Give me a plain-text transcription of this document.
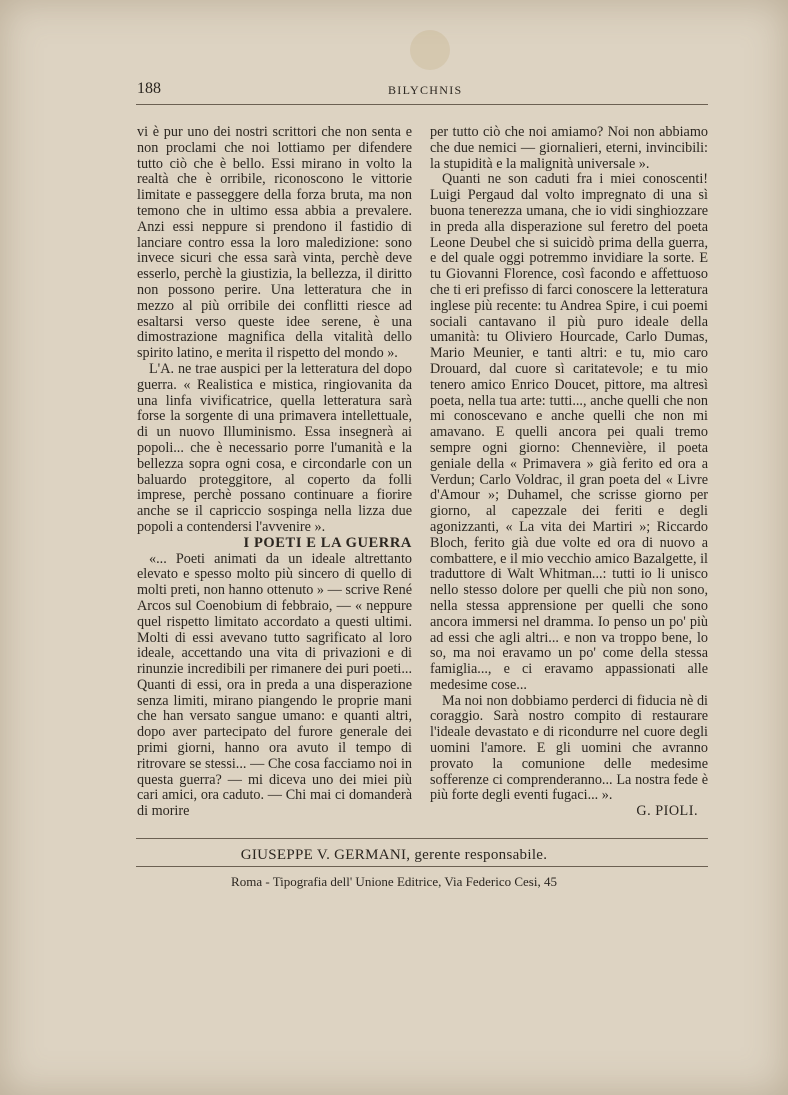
188	BILYCHNIS

vi è pur uno dei nostri scrittori che non senta e non proclami che noi lottiamo per difendere tutto ciò che è bello. Essi mirano in volto la realtà che è orribile, riconoscono le vittorie limitate e passeggere della forza bruta, ma non temono che in ultimo essa abbia a prevalere. Anzi essi neppure si prendono il fastidio di lanciare contro essa la loro maledizione: sono invece sicuri che essa sarà vinta, perchè deve esserlo, perchè la giustizia, la bellezza, il diritto non possono perire. Una letteratura che in mezzo al più orribile dei conflitti riesce ad esaltarsi verso queste idee serene, è una dimostrazione magnifica della vitalità dello spirito latino, e merita il rispetto del mondo ».

L'A. ne trae auspici per la letteratura del dopo guerra. « Realistica e mistica, ringiovanita da una linfa vivificatrice, quella letteratura sarà forse la sorgente di una primavera intellettuale, di un nuovo Illuminismo. Essa insegnerà ai popoli... che è necessario porre l'umanità e la bellezza sopra ogni cosa, e circondarle con un baluardo proteggitore, al coperto da folli imprese, perchè possano continuare a fiorire anche se il capriccio sospinga nella lizza due popoli a contendersi l'avvenire ».

I POETI E LA GUERRA

«... Poeti animati da un ideale altrettanto elevato e spesso molto più sincero di quello di molti preti, non hanno ottenuto » — scrive René Arcos sul Coenobium di febbraio, — « neppure quel rispetto limitato accordato a questi ultimi. Molti di essi avevano tutto sagrificato al loro ideale, accettando una vita di privazioni e di rinunzie incredibili per rimanere dei puri poeti... Quanti di essi, ora in preda a una disperazione senza limiti, mirano piangendo le proprie mani che han versato sangue umano: e quanti altri, dopo aver partecipato del furore generale dei primi giorni, hanno ora avuto il tempo di ritrovare se stessi... — Che cosa facciamo noi in questa guerra? — mi diceva uno dei miei più cari amici, ora caduto. — Chi mai ci domanderà di morire

per tutto ciò che noi amiamo? Noi non abbiamo che due nemici — giornalieri, eterni, invincibili: la stupidità e la malignità universale ».

Quanti ne son caduti fra i miei conoscenti! Luigi Pergaud dal volto impregnato di una sì buona tenerezza umana, che io vidi singhiozzare in preda alla disperazione sul feretro del poeta Leone Deubel che si suicidò prima della guerra, e del quale oggi potremmo invidiare la sorte. E tu Giovanni Florence, così facondo e affettuoso che ti eri prefisso di farci conoscere la letteratura inglese più recente: tu Andrea Spire, i cui poemi sociali cantavano il più puro ideale della umanità: tu Oliviero Hourcade, Carlo Dumas, Mario Meunier, e tanti altri: e tu, mio caro Drouard, dal cuore sì caritatevole; e tu mio tenero amico Enrico Doucet, pittore, ma altresì poeta, nella tua arte: tutti..., anche quelli che non mi conoscevano e anche quelli che non mi amavano. E quelli ancora pei quali tremo sempre ogni giorno: Chennevière, il poeta geniale della « Primavera » già ferito ed ora a Verdun; Carlo Voldrac, il gran poeta del « Livre d'Amour »; Duhamel, che scrisse giorno per giorno, al capezzale dei feriti e degli agonizzanti, « La vita dei Martiri »; Riccardo Bloch, ferito già due volte ed ora di nuovo a combattere, e il mio vecchio amico Bazalgette, il traduttore di Walt Whitman...: tutti io li unisco nello stesso dolore per quelli che più non sono, nella stessa apprensione per quelli che sono ancora immersi nel dramma. Io penso un po' più ad essi che agli altri... e non va troppo bene, lo so, ma noi eravamo un po' come della stessa famiglia..., e ci eravamo appassionati alle medesime cose...

Ma noi non dobbiamo perderci di fiducia nè di coraggio. Sarà nostro compito di restaurare l'ideale devastato e di ricondurre nel cuore degli uomini l'amore. E gli uomini che avranno provato la comunione delle medesime sofferenze ci comprenderanno... La nostra fede è più forte degli eventi fugaci... ».

G. PIOLI.

GIUSEPPE V. GERMANI, gerente responsabile.
Roma - Tipografia dell' Unione Editrice, Via Federico Cesi, 45
